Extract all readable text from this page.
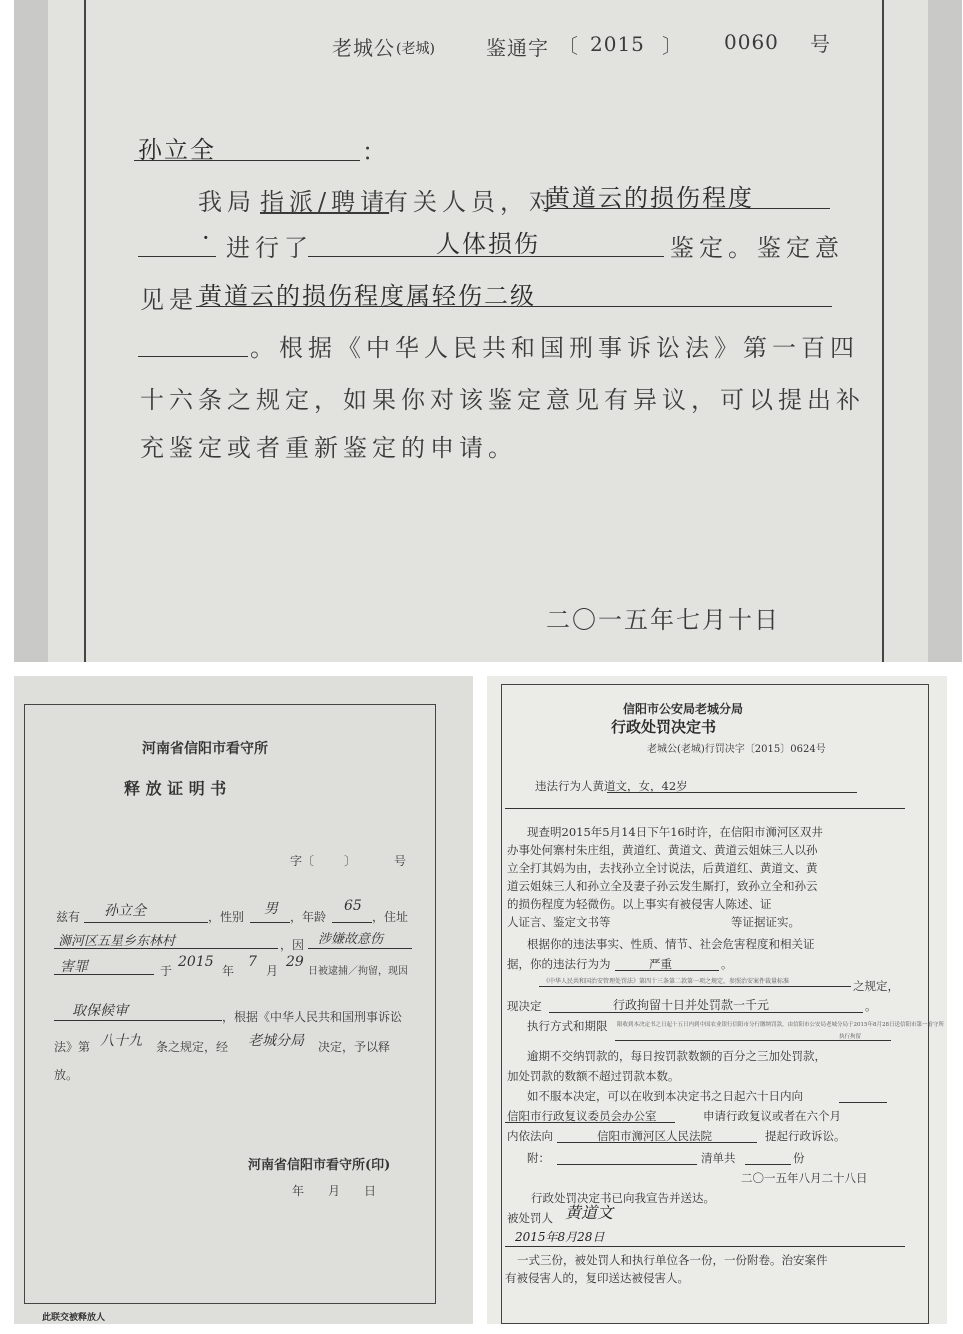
老城公 (老城)	鉴通字 〔 2015 〕 0060 号
孙立全	：
我局 指派/聘请
有关人员，对
黄道云的损伤程度
· 进行了	人体损伤	鉴定。鉴定意
见是 黄道云的损伤程度属轻伤二级
。根据《中华人民共和国刑事诉讼法》第一百四
十六条之规定，如果你对该鉴定意见有异议，可以提出补
充鉴定或者重新鉴定的申请。
二〇一五年七月十日
河南省信阳市看守所
释 放 证 明 书
字〔 〕	号
兹有 孙立全	，性别 男 ，年龄
65
，住址
浉河区五星乡东林村	，因 涉嫌故意伤
害罪	于
2015
年
7
月
29
日被逮捕／拘留，现因
取保候审	，根据《中华人民共和国刑事诉讼
法》第 八十九 条之规定，经 老城分局 决定，予以释
放。
河南省信阳市看守所(印)
年　　月　　日
此联交被释放人
信阳市公安局老城分局
行政处罚决定书
老城公(老城)行罚决字〔2015〕0624号
违法行为人黄道文，女，42岁
现查明2015年5月14日下午16时许，在信阳市浉河区双井
办事处何寨村朱庄组，黄道红、黄道文、黄道云姐妹三人以孙
立全打其妈为由，去找孙立全讨说法，后黄道红、黄道文、黄
道云姐妹三人和孙立全及妻子孙云发生厮打，致孙立全和孙云
的损伤程度为轻微伤。以上事实有被侵害人陈述、证
人证言、鉴定文书等	等证据证实。
根据你的违法事实、性质、情节、社会危害程度和相关证
据，你的违法行为为	严重	。
《中华人民共和国治安管理处罚法》第四十三条第二款第一项之规定，参照治安案件裁量标准	之规定，
现决定	行政拘留十日并处罚款一千元	。
执行方式和期限 限收到本决定书之日起十五日内到中国农业银行信阳市分行缴纳罚款，由信阳市公安局老城分局于2015年8月28日送信阳市第一看守所
执行拘留
逾期不交纳罚款的，每日按罚款数额的百分之三加处罚款，
加处罚款的数额不超过罚款本数。
如不服本决定，可以在收到本决定书之日起六十日内向
信阳市行政复议委员会办公室	申请行政复议或者在六个月
内依法向	信阳市浉河区人民法院	提起行政诉讼。
附：	清单共	份
二〇一五年八月二十八日
行政处罚决定书已向我宣告并送达。
被处罚人 黄道文
2015年8月28日
一式三份，被处罚人和执行单位各一份，一份附卷。治安案件
有被侵害人的，复印送达被侵害人。
